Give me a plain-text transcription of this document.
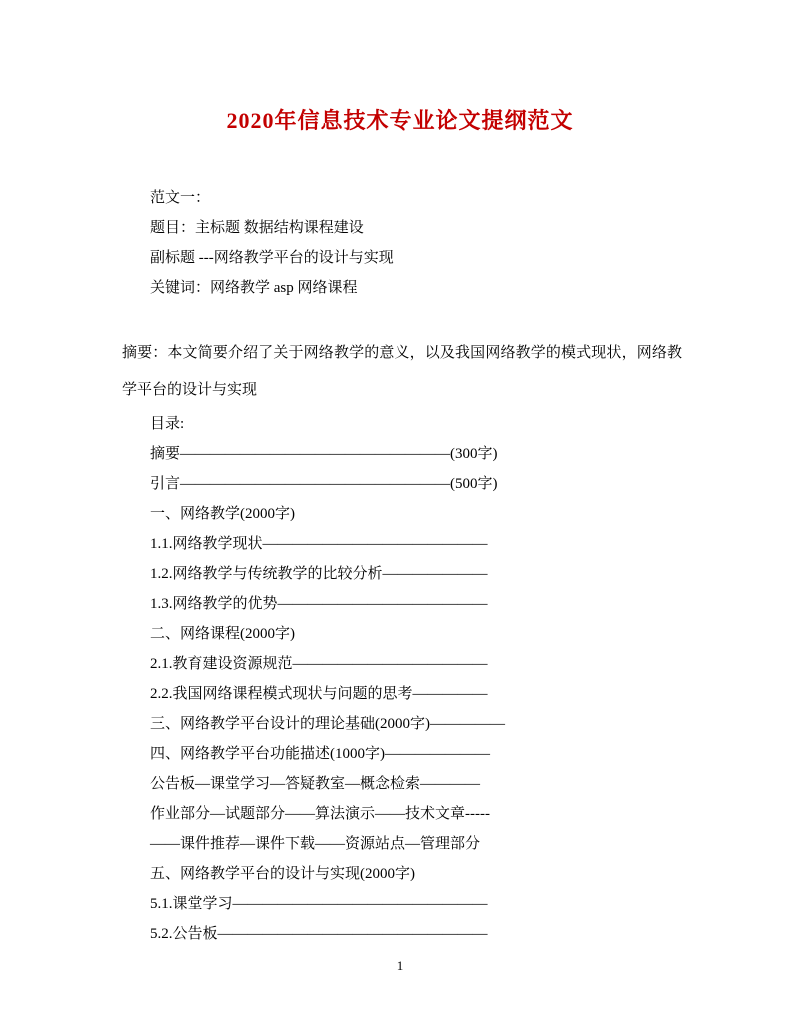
2020年信息技术专业论文提纲范文

范文一：

题目：主标题 数据结构课程建设

副标题 ---网络教学平台的设计与实现

关键词：网络教学 asp 网络课程

摘要：本文简要介绍了关于网络教学的意义，以及我国网络教学的模式现状，网络教学平台的设计与实现

目录:

摘要——————————————————(300字)

引言——————————————————(500字)

一、网络教学(2000字)

1.1.网络教学现状———————————————

1.2.网络教学与传统教学的比较分析———————

1.3.网络教学的优势——————————————

二、网络课程(2000字)

2.1.教育建设资源规范—————————————

2.2.我国网络课程模式现状与问题的思考—————

三、网络教学平台设计的理论基础(2000字)—————

四、网络教学平台功能描述(1000字)———————

公告板—课堂学习—答疑教室—概念检索————

作业部分—试题部分——算法演示——技术文章-----

——课件推荐—课件下载——资源站点—管理部分

五、网络教学平台的设计与实现(2000字)

5.1.课堂学习—————————————————

5.2.公告板——————————————————

1
